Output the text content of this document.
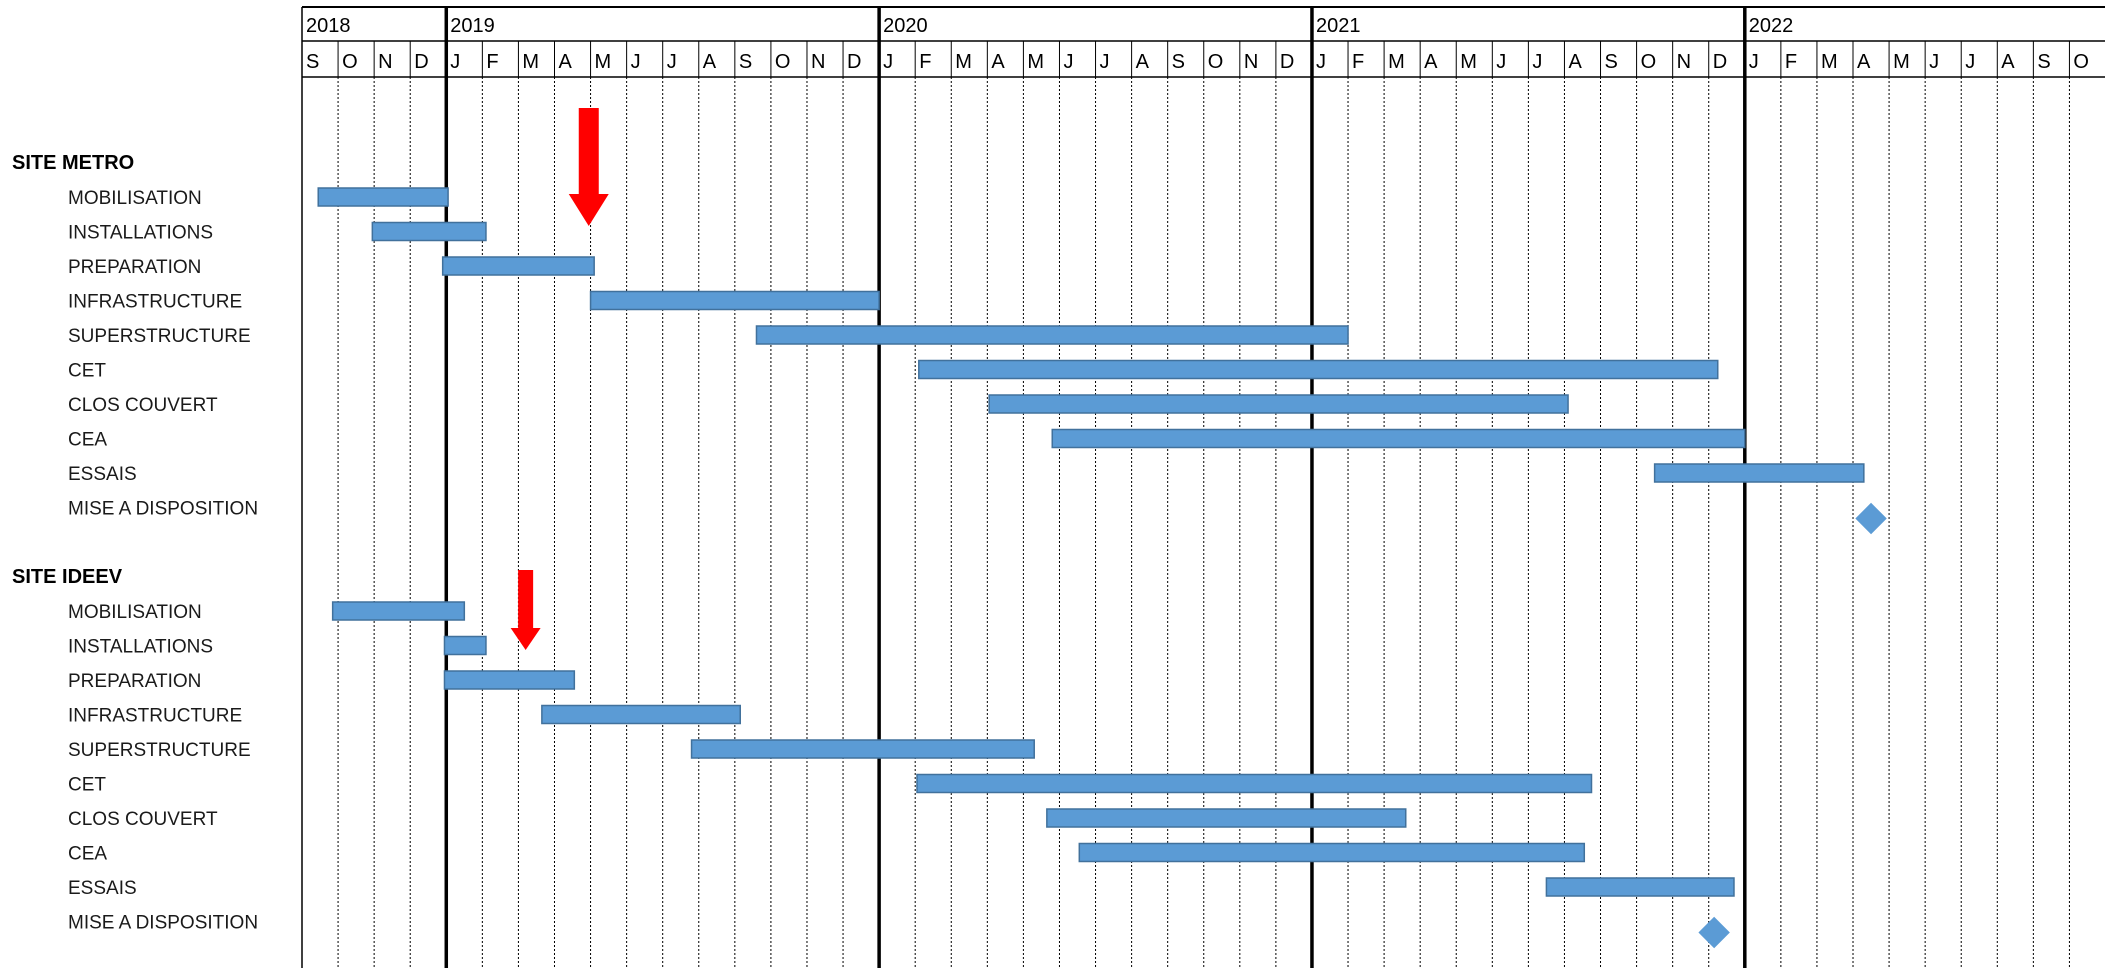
S O N D J F M A M J J A S O N D J F M A M J J A S O N D J F M A M J J A S O N D J F M A M J J A S O
2018	2019	2020	2021	2022
SITE METRO
MOBILISATION
INSTALLATIONS
PREPARATION
INFRASTRUCTURE
SUPERSTRUCTURE
CET
CLOS COUVERT
CEA
ESSAIS
MISE A DISPOSITION
SITE IDEEV
MOBILISATION
INSTALLATIONS
PREPARATION
INFRASTRUCTURE
SUPERSTRUCTURE
CET
CLOS COUVERT
CEA
ESSAIS
MISE A DISPOSITION
